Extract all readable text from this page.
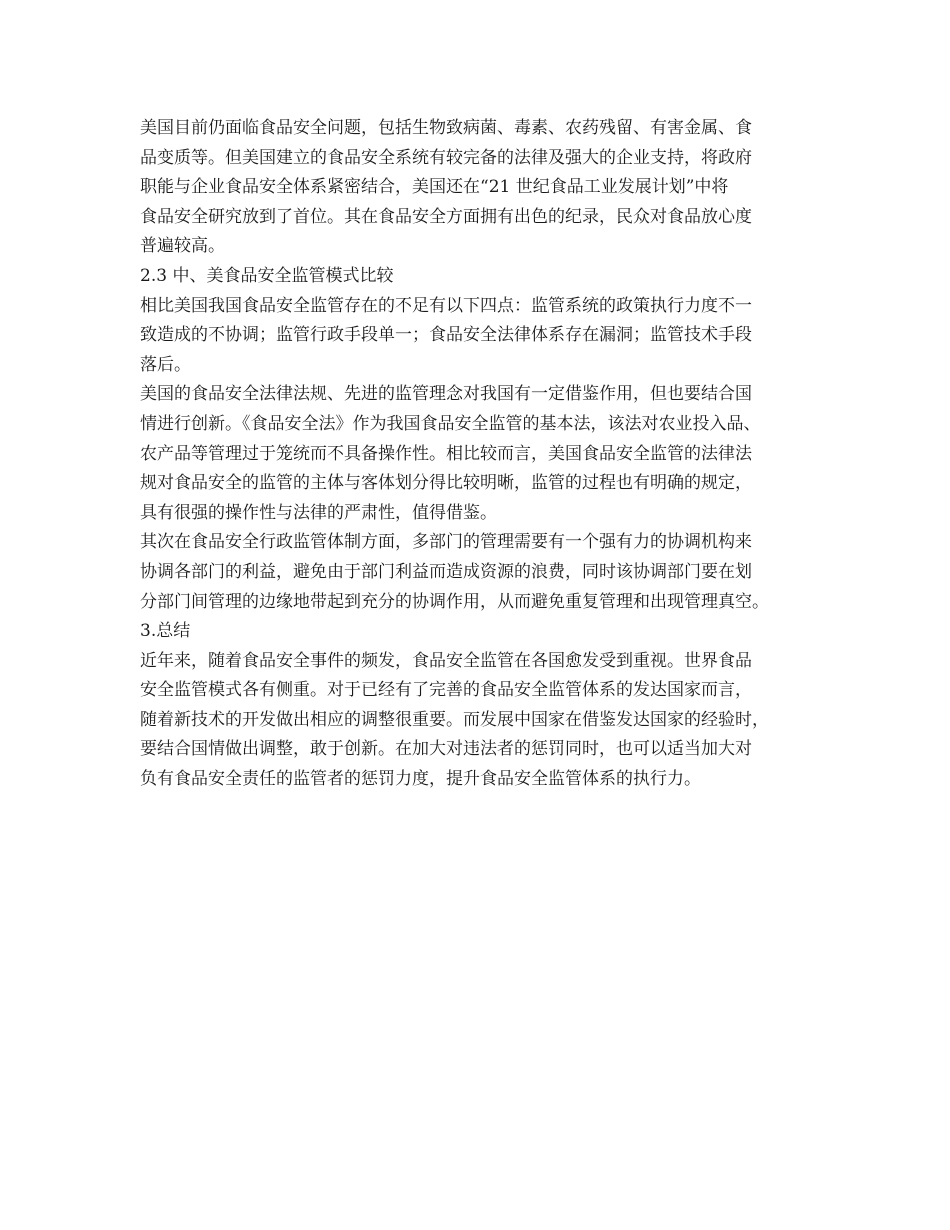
美国目前仍面临食品安全问题，包括生物致病菌、毒素、农药残留、有害金属、食
品变质等。但美国建立的食品安全系统有较完备的法律及强大的企业支持，将政府
职能与企业食品安全体系紧密结合，美国还在“21 世纪食品工业发展计划”中将
食品安全研究放到了首位。其在食品安全方面拥有出色的纪录，民众对食品放心度
普遍较高。
2.3 中、美食品安全监管模式比较
相比美国我国食品安全监管存在的不足有以下四点：监管系统的政策执行力度不一
致造成的不协调；监管行政手段单一；食品安全法律体系存在漏洞；监管技术手段
落后。
美国的食品安全法律法规、先进的监管理念对我国有一定借鉴作用，但也要结合国
情进行创新。《食品安全法》作为我国食品安全监管的基本法，该法对农业投入品、
农产品等管理过于笼统而不具备操作性。相比较而言，美国食品安全监管的法律法
规对食品安全的监管的主体与客体划分得比较明晰，监管的过程也有明确的规定，
具有很强的操作性与法律的严肃性，值得借鉴。
其次在食品安全行政监管体制方面，多部门的管理需要有一个强有力的协调机构来
协调各部门的利益，避免由于部门利益而造成资源的浪费，同时该协调部门要在划
分部门间管理的边缘地带起到充分的协调作用，从而避免重复管理和出现管理真空。
3.总结
近年来，随着食品安全事件的频发，食品安全监管在各国愈发受到重视。世界食品
安全监管模式各有侧重。对于已经有了完善的食品安全监管体系的发达国家而言，
随着新技术的开发做出相应的调整很重要。而发展中国家在借鉴发达国家的经验时，
要结合国情做出调整，敢于创新。在加大对违法者的惩罚同时，也可以适当加大对
负有食品安全责任的监管者的惩罚力度，提升食品安全监管体系的执行力。
